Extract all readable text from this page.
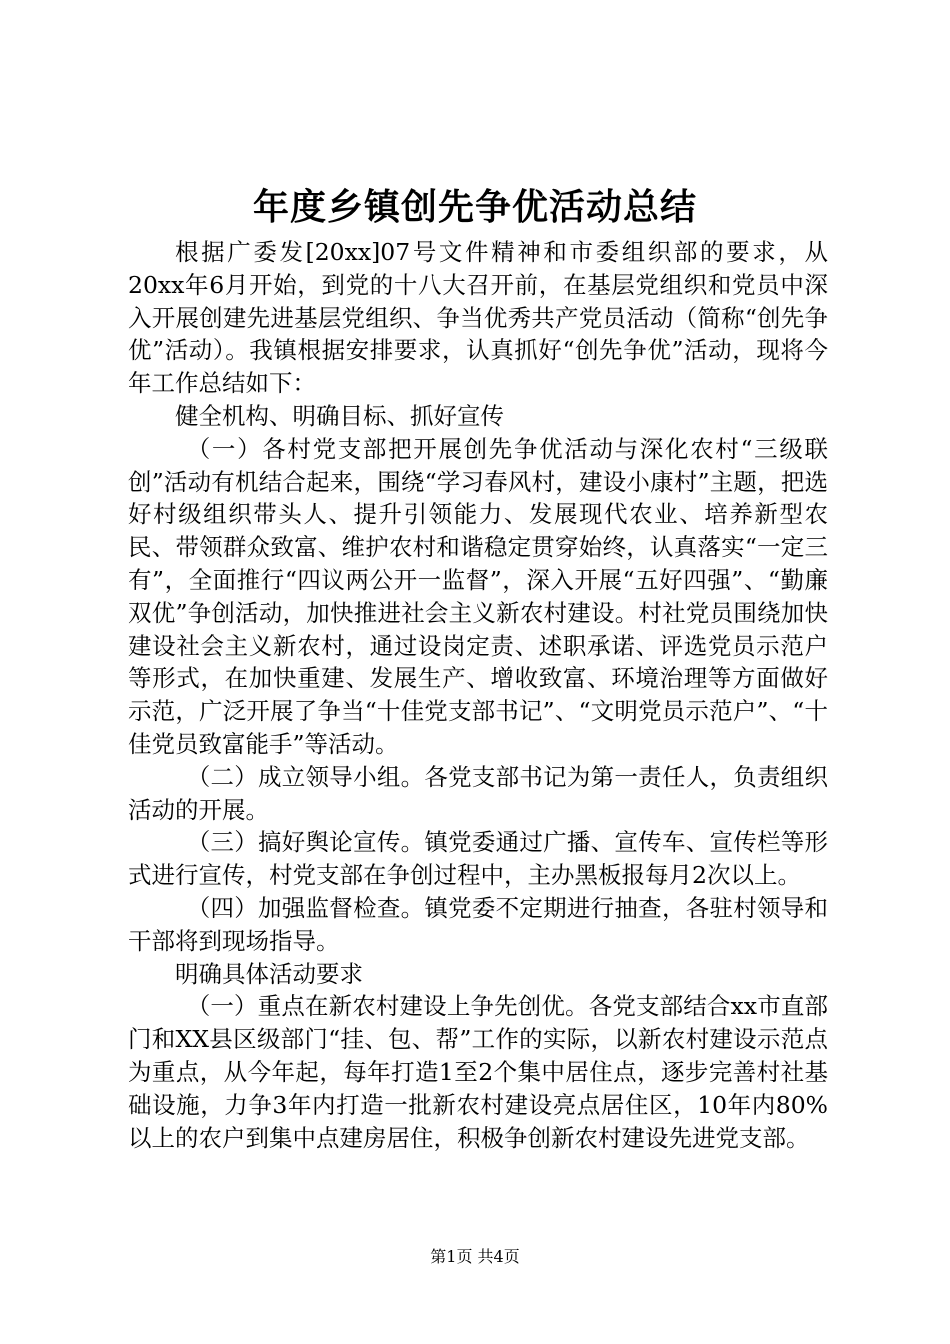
年度乡镇创先争优活动总结

根据广委发[20xx]07号文件精神和市委组织部的要求，从20xx年6月开始，到党的十八大召开前，在基层党组织和党员中深入开展创建先进基层党组织、争当优秀共产党员活动（简称“创先争优”活动）。我镇根据安排要求，认真抓好“创先争优”活动，现将今年工作总结如下：

健全机构、明确目标、抓好宣传

（一）各村党支部把开展创先争优活动与深化农村“三级联创”活动有机结合起来，围绕“学习春风村，建设小康村”主题，把选好村级组织带头人、提升引领能力、发展现代农业、培养新型农民、带领群众致富、维护农村和谐稳定贯穿始终，认真落实“一定三有”，全面推行“四议两公开一监督”，深入开展“五好四强”、“勤廉双优”争创活动，加快推进社会主义新农村建设。村社党员围绕加快建设社会主义新农村，通过设岗定责、述职承诺、评选党员示范户等形式，在加快重建、发展生产、增收致富、环境治理等方面做好示范，广泛开展了争当“十佳党支部书记”、“文明党员示范户”、“十佳党员致富能手”等活动。

（二）成立领导小组。各党支部书记为第一责任人，负责组织活动的开展。

（三）搞好舆论宣传。镇党委通过广播、宣传车、宣传栏等形式进行宣传，村党支部在争创过程中，主办黑板报每月2次以上。

（四）加强监督检查。镇党委不定期进行抽查，各驻村领导和干部将到现场指导。

明确具体活动要求

（一）重点在新农村建设上争先创优。各党支部结合xx市直部门和XX县区级部门“挂、包、帮”工作的实际，以新农村建设示范点为重点，从今年起，每年打造1至2个集中居住点，逐步完善村社基础设施，力争3年内打造一批新农村建设亮点居住区，10年内80%以上的农户到集中点建房居住，积极争创新农村建设先进党支部。

第1页 共4页
